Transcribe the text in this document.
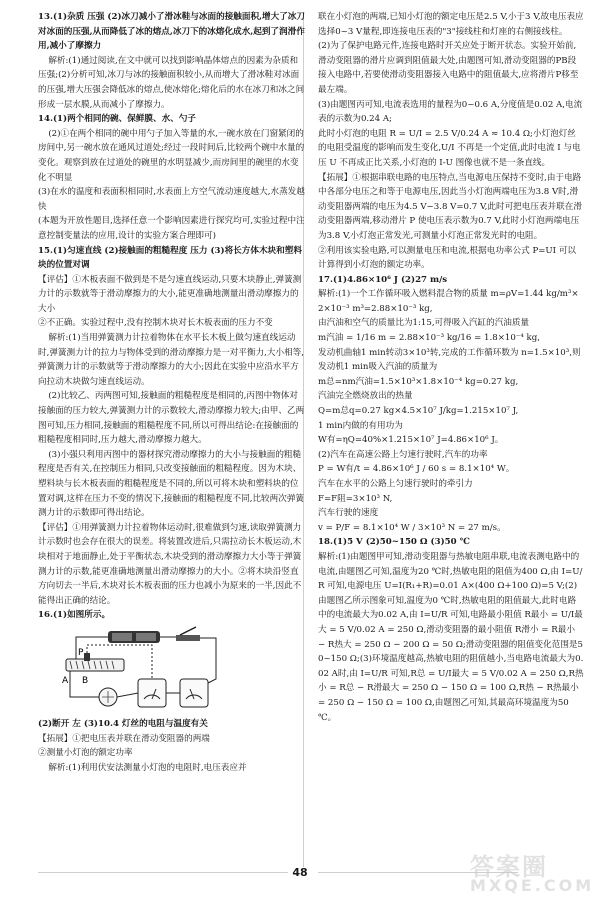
13.(1)杂质 压强 (2)冰刀减小了滑冰鞋与冰面的接触面积,增大了冰刀对冰面的压强,从而降低了冰的熔点,冰刀下的冰熔化成水,起到了润滑作用,减小了摩擦力

解析:(1)通过阅读,在文中就可以找到影响晶体熔点的因素为杂质和压强;(2)分析可知,冰刀与冰的接触面积较小,从而增大了滑冰鞋对冰面的压强,增大压强会降低冰的熔点,使冰熔化;熔化后的水在冰刀和冰之间形成一层水膜,从而减小了摩擦力。

14.(1)两个相同的碗、保鲜膜、水、勺子

(2)①在两个相同的碗中用勺子加入等量的水,一碗水放在门窗紧闭的房间中,另一碗水放在通风过道处;经过一段时间后,比较两个碗中水量的变化。观察到放在过道处的碗里的水明显减少,而房间里的碗里的水变化不明显

(3)在水的温度和表面积相同时,水表面上方空气流动速度越大,水蒸发越快

(本题为开放性题目,选择任意一个影响因素进行探究均可,实验过程中注意控制变量法的应用,设计的实验方案合理即可)

15.(1)匀速直线 (2)接触面的粗糙程度 压力 (3)将长方体木块和塑料块的位置对调

【评估】①木板表面不做到是不是匀速直线运动,只要木块静止,弹簧测力计的示数就等于滑动摩擦力的大小,能更准确地测量出滑动摩擦力的大小

②不正确。实验过程中,没有控制木块对长木板表面的压力不变

解析:(1)当用弹簧测力计拉着物体在水平长木板上做匀速直线运动时,弹簧测力计的拉力与物体受到的滑动摩擦力是一对平衡力,大小相等,弹簧测力计的示数就等于滑动摩擦力的大小;因此在实验中应沿水平方向拉动木块做匀速直线运动。

(2)比较乙、丙两图可知,接触面的粗糙程度是相同的,丙图中物体对接触面的压力较大,弹簧测力计的示数较大,滑动摩擦力较大;由甲、乙两图可知,压力相同,接触面的粗糙程度不同,所以可得出结论:在接触面的粗糙程度相同时,压力越大,滑动摩擦力越大。

(3)小强只利用丙图中的器材探究滑动摩擦力的大小与接触面的粗糙程度是否有关,在控制压力相同,只改变接触面的粗糙程度。因为木块、塑料块与长木板表面的粗糙程度是不同的,所以可将木块和塑料块的位置对调,这样在压力不变的情况下,接触面的粗糙程度不同,比较两次弹簧测力计的示数即可得出结论。

【评估】①用弹簧测力计拉着物体运动时,很难做到匀速,读取弹簧测力计示数时也会存在很大的误差。将装置改进后,只需拉动长木板运动,木块相对于地面静止,处于平衡状态,木块受到的滑动摩擦力大小等于弹簧测力计的示数,能更准确地测量出滑动摩擦力的大小。②将木块沿竖直方向切去一半后,木块对长木板表面的压力也减小为原来的一半,因此不能得出正确的结论。

16.(1)如图所示。

P
A B

(2)断开 左 (3)10.4 灯丝的电阻与温度有关

【拓展】①把电压表并联在滑动变阻器的两端

②测量小灯泡的额定功率

解析:(1)利用伏安法测量小灯泡的电阻时,电压表应并

联在小灯泡的两端,已知小灯泡的额定电压是2.5 V,小于3 V,故电压表应选择0~3 V量程,即连接电压表的"3"接线柱和灯座的右侧接线柱。

(2)为了保护电路元件,连接电路时开关应处于断开状态。实验开始前,滑动变阻器的滑片应调到阻值最大处,由题图可知,滑动变阻器的PB段接入电路中,若要使滑动变阻器接入电路中的阻值最大,应将滑片P移至最左端。

(3)由题图丙可知,电流表选用的量程为0~0.6 A,分度值是0.02 A,电流表的示数为0.24 A;

此时小灯泡的电阻 R = U/I = 2.5 V/0.24 A ≈ 10.4 Ω;小灯泡灯丝的电阻受温度的影响而发生变化,U/I 不再是一个定值,此时电流 I 与电压 U 不再成正比关系,小灯泡的 I-U 图像也就不是一条直线。

【拓展】①根据串联电路的电压特点,当电源电压保持不变时,由于电路中各部分电压之和等于电源电压,因此当小灯泡两端电压为3.8 V时,滑动变阻器两端的电压为4.5 V−3.8 V=0.7 V,此时可把电压表并联在滑动变阻器两端,移动滑片 P 使电压表示数为0.7 V,此时小灯泡两端电压为3.8 V,小灯泡正常发光,可测量小灯泡正常发光时的电阻。

②利用该实验电路,可以测量电压和电流,根据电功率公式 P=UI 可以计算得到小灯泡的额定功率。

17.(1)4.86×10⁶ J (2)27 m/s

解析:(1)一个工作循环吸入燃料混合物的质量 m=ρV=1.44 kg/m³×2×10⁻³ m³=2.88×10⁻³ kg,

由汽油和空气的质量比为1:15,可得吸入汽缸的汽油质量

m汽油 = 1/16 m = 2.88×10⁻³ kg/16 = 1.8×10⁻⁴ kg,

发动机曲轴1 min转动3×10³转,完成的工作循环数为 n=1.5×10³,则发动机1 min吸入汽油的质量为

m总=nm汽油=1.5×10³×1.8×10⁻⁴ kg=0.27 kg,

汽油完全燃烧放出的热量

Q=m总q=0.27 kg×4.5×10⁷ J/kg=1.215×10⁷ J,

1 min内做的有用功为

W有=ηQ=40%×1.215×10⁷ J=4.86×10⁶ J。

(2)汽车在高速公路上匀速行驶时,汽车的功率

P = W有/t = 4.86×10⁶ J / 60 s = 8.1×10⁴ W。

汽车在水平的公路上匀速行驶时的牵引力

F=F阻=3×10³ N,

汽车行驶的速度

v = P/F = 8.1×10⁴ W / 3×10³ N = 27 m/s。

18.(1)5 V (2)50~150 Ω (3)50 ℃

解析:(1)由题图甲可知,滑动变阻器与热敏电阻串联,电流表测电路中的电流,由题图乙可知,温度为20 ℃时,热敏电阻的阻值为400 Ω,由 I=U/R 可知,电源电压 U=I(R₁+R)=0.01 A×(400 Ω+100 Ω)=5 V;(2)由题图乙所示图象可知,温度为0 ℃时,热敏电阻的阻值最大,此时电路中的电流最大为0.02 A,由 I=U/R 可知,电路最小阻值 R最小 = U/I最大 = 5 V/0.02 A = 250 Ω,滑动变阻器的最小阻值 R滑小 = R最小 − R热大 = 250 Ω − 200 Ω = 50 Ω;滑动变阻器的阻值变化范围是50~150 Ω;(3)环境温度越高,热敏电阻的阻值越小,当电路电流最大为0.02 A时,由 I=U/R 可知,R总 = U/I最大 = 5 V/0.02 A = 250 Ω,R热小 = R总 − R滑最大 = 250 Ω − 150 Ω = 100 Ω,R热 − R热最小 = 250 Ω − 150 Ω = 100 Ω,由题图乙可知,其最高环境温度为50 ℃。

48	答案圈
MXQE.COM
